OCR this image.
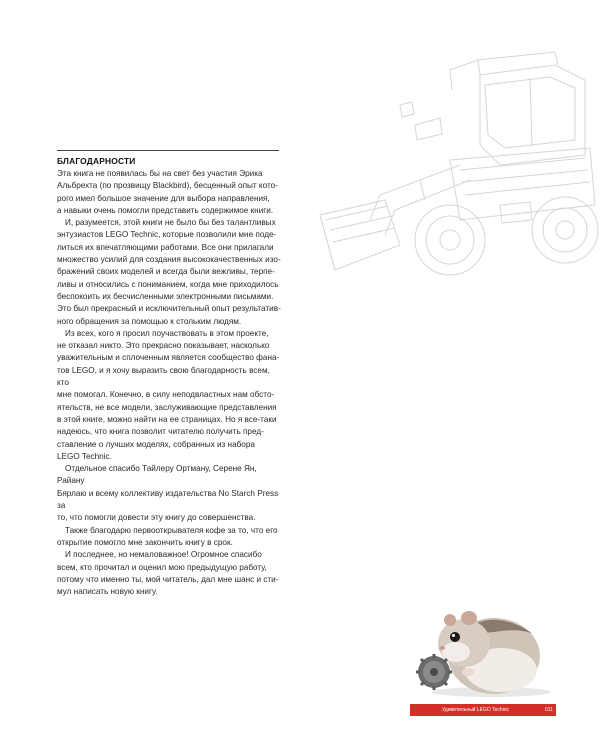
БЛАГОДАРНОСТИ

Эта книга не появилась бы на свет без участия Эрика
Альбрехта (по прозвищу Blackbird), бесценный опыт кото-
рого имел большое значение для выбора направления,
а навыки очень помогли представить содержимое книги.

И, разумеется, этой книги не было бы без талантливых
энтузиастов LEGO Technic, которые позволили мне поде-
литься их впечатляющими работами. Все они прилагали
множество усилий для создания высококачественных изо-
бражений своих моделей и всегда были вежливы, терпе-
ливы и относились с пониманием, когда мне приходилось
беспокоить их бесчисленными электронными письмами.
Это был прекрасный и исключительный опыт результатив-
ного обращения за помощью к стольким людям.

Из всех, кого я просил поучаствовать в этом проекте,
не отказал никто. Это прекрасно показывает, насколько
уважительным и сплоченным является сообщество фана-
тов LEGO, и я хочу выразить свою благодарность всем, кто
мне помогал. Конечно, в силу неподвластных нам обсто-
ятельств, не все модели, заслуживающие представления
в этой книге, можно найти на ее страницах. Но я все-таки
надеюсь, что книга позволит читателю получить пред-
ставление о лучших моделях, собранных из набора
LEGO Technic.

Отдельное спасибо Тайлеру Ортману, Серене Ян, Райану
Бярлаю и всему коллективу издательства No Starch Press за
то, что помогли довести эту книгу до совершенства.

Также благодарю первооткрывателя кофе за то, что его
открытие помогло мне закончить книгу в срок.

И последнее, но немаловажное! Огромное спасибо
всем, кто прочитал и оценил мою предыдущую работу,
потому что именно ты, мой читатель, дал мне шанс и сти-
мул написать новую книгу.

Удивительный LEGO Technic	011
